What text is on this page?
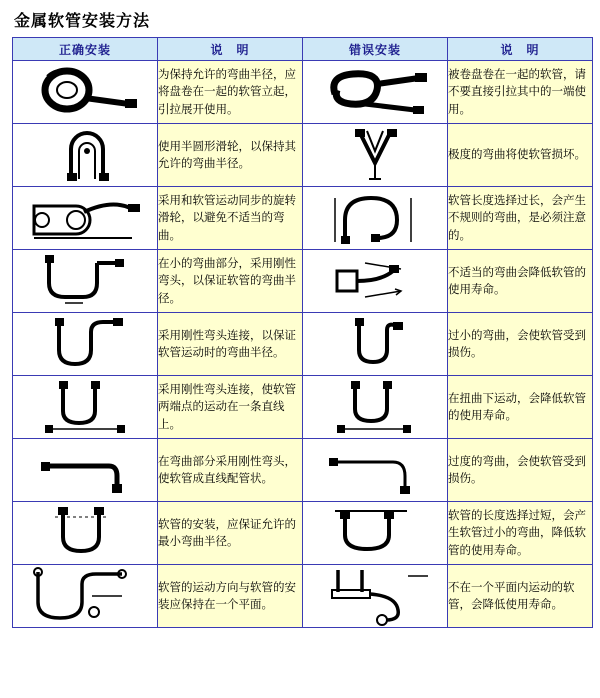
金属软管安装方法
正确安装	说　明	错误安装	说　明

	为保持允许的弯曲半径，应将盘卷在一起的软管立起，引拉展开使用。		被卷盘卷在一起的软管，请不要直接引拉其中的一端使用。

	使用半圆形滑轮，以保持其允许的弯曲半径。		极度的弯曲将使软管损坏。

	采用和软管运动同步的旋转滑轮，以避免不适当的弯曲。		软管长度选择过长，会产生不规则的弯曲，是必须注意的。

	在小的弯曲部分，采用刚性弯头，以保证软管的弯曲半径。		不适当的弯曲会降低软管的使用寿命。

	采用刚性弯头连接，以保证软管运动时的弯曲半径。		过小的弯曲，会使软管受到损伤。

	采用刚性弯头连接，使软管两端点的运动在一条直线上。		在扭曲下运动，会降低软管的使用寿命。

	在弯曲部分采用刚性弯头，使软管成直线配管状。		过度的弯曲，会使软管受到损伤。

	软管的安装，应保证允许的最小弯曲半径。		软管的长度选择过短，会产生软管过小的弯曲，降低软管的使用寿命。

	软管的运动方向与软管的安装应保持在一个平面。		不在一个平面内运动的软管，会降低使用寿命。
